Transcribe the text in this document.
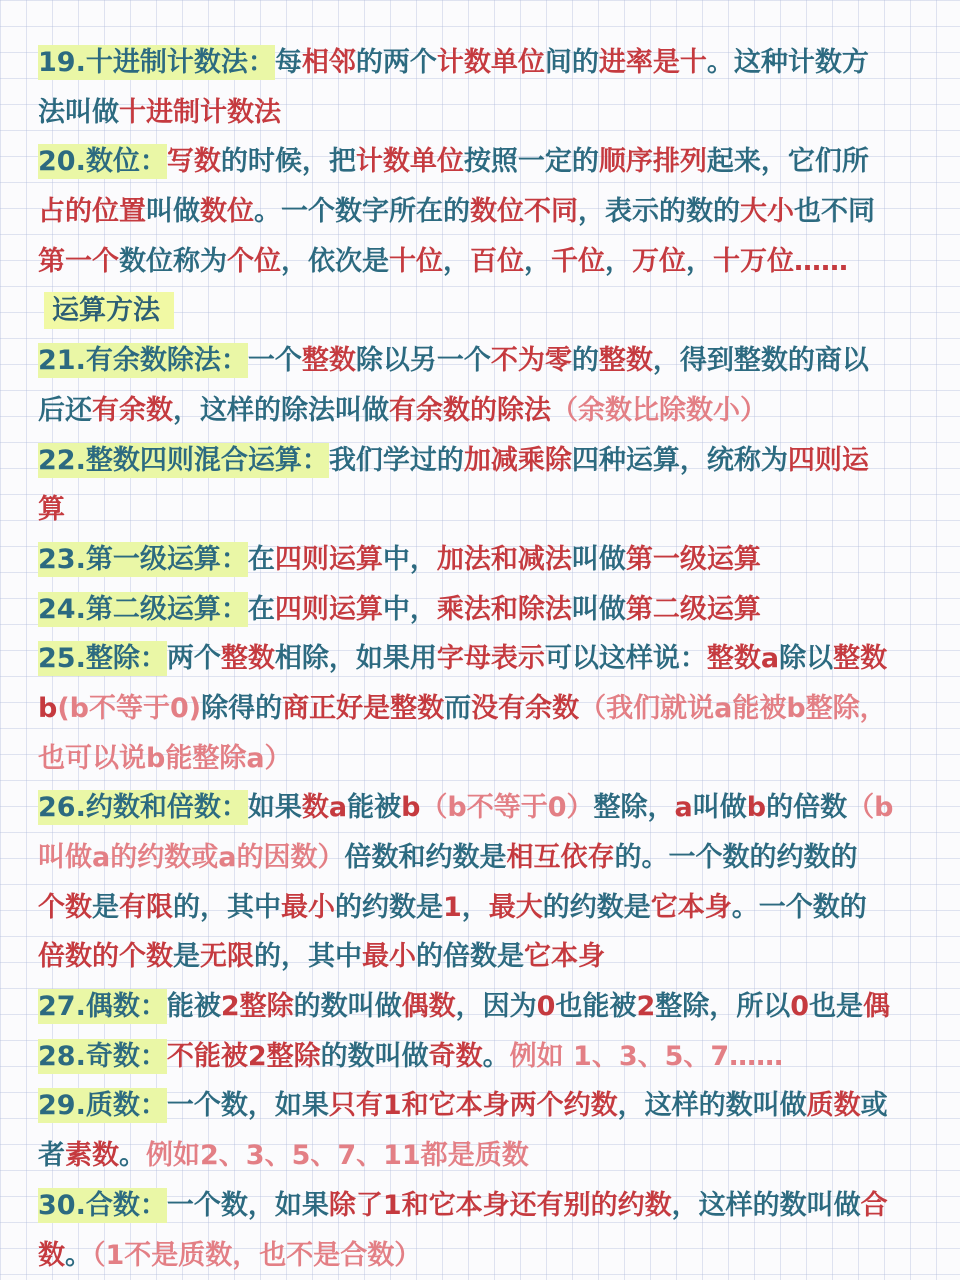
19.十进制计数法：每相邻的两个计数单位间的进率是十。这种计数方
法叫做十进制计数法
20.数位：写数的时候，把计数单位按照一定的顺序排列起来，它们所
占的位置叫做数位。一个数字所在的数位不同，表示的数的大小也不同
第一个数位称为个位，依次是十位，百位，千位，万位，十万位……
运算方法
21.有余数除法：一个整数除以另一个不为零的整数，得到整数的商以
后还有余数，这样的除法叫做有余数的除法（余数比除数小）
22.整数四则混合运算：我们学过的加减乘除四种运算，统称为四则运
算
23.第一级运算：在四则运算中，加法和减法叫做第一级运算
24.第二级运算：在四则运算中，乘法和除法叫做第二级运算
25.整除：两个整数相除，如果用字母表示可以这样说：整数a除以整数
b(b不等于0)除得的商正好是整数而没有余数（我们就说a能被b整除，
也可以说b能整除a）
26.约数和倍数：如果数a能被b（b不等于0）整除，a叫做b的倍数（b
叫做a的约数或a的因数）倍数和约数是相互依存的。一个数的约数的
个数是有限的，其中最小的约数是1，最大的约数是它本身。一个数的
倍数的个数是无限的，其中最小的倍数是它本身
27.偶数：能被2整除的数叫做偶数，因为0也能被2整除，所以0也是偶
28.奇数：不能被2整除的数叫做奇数。例如 1、3、5、7……
29.质数：一个数，如果只有1和它本身两个约数，这样的数叫做质数或
者素数。例如2、3、5、7、11都是质数
30.合数：一个数，如果除了1和它本身还有别的约数，这样的数叫做合
数。（1不是质数，也不是合数）
